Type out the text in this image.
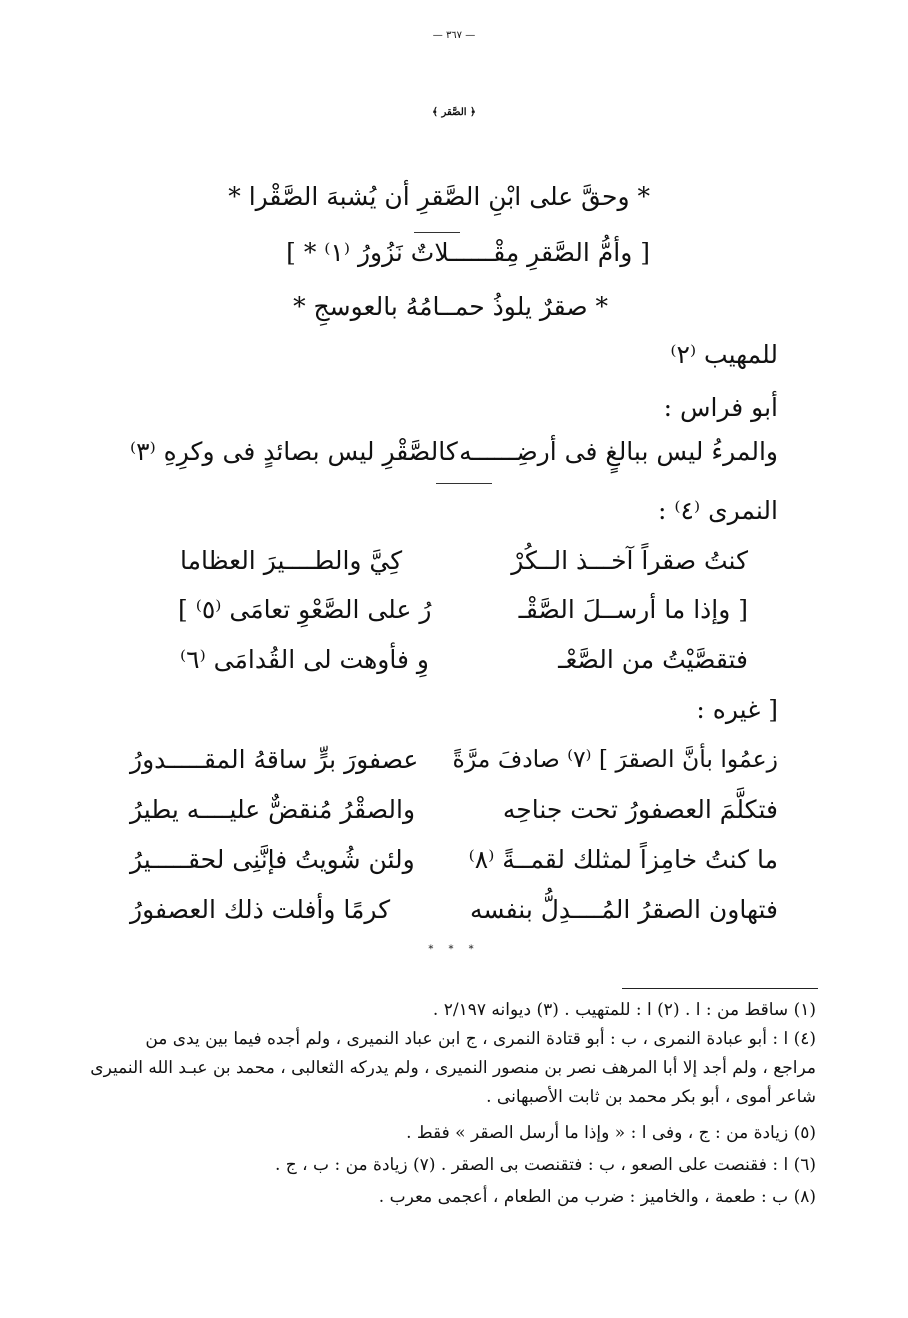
— ٣٦٧ —
﴿ الصَّقر ﴾
* وحقَّ على ابْنِ الصَّقرِ أن يُشبهَ الصَّقْرا *
[ وأمُّ الصَّقرِ مِقْــــــلاتٌ نَزُورُ ⁽١⁾ * ]
* صقرٌ يلوذُ حمــامُهُ بالعوسجِ *
للمهيب ⁽٢⁾
أبو فراس :
والمرءُ ليس ببالغٍ فى أرضِــــــه
كالصَّقْرِ ليس بصائدٍ فى وكرِهِ ⁽٣⁾
النمرى ⁽٤⁾ :
كنتُ صقراً آخـــذ الــكُرْ
كِيَّ والطــــيرَ العظاما
[ وإذا ما أرســلَ الصَّقْـ
رُ على الصَّعْوِ تعامَى ⁽٥⁾ ]
فتقصَّيْتُ من الصَّعْـ
وِ فأوهت لى القُدامَى ⁽٦⁾
[ غيره :
زعمُوا بأنَّ الصقرَ ] ⁽٧⁾ صادفَ مرَّةً
عصفورَ برٍّ ساقهُ المقـــــدورُ
فتكلَّمَ العصفورُ تحت جناحِه
والصقْرُ مُنقضٌّ عليــــه يطيرُ
ما كنتُ خامِزاً لمثلك لقمــةً ⁽٨⁾
ولئن شُويتُ فإنَّنِى لحقـــــيرُ
فتهاون الصقرُ المُــــدِلُّ بنفسه
كرمًا وأفلت ذلك العصفورُ
* * *
(١) ساقط من : ا . (٢) ا : للمتهيب . (٣) ديوانه ٢/١٩٧ .
(٤) ا : أبو عبادة النمرى ، ب : أبو قتادة النمرى ، ج ابن عباد النميرى ، ولم أجده فيما بين يدى من
مراجع ، ولم أجد إلا أبا المرهف نصر بن منصور النميرى ، ولم يدركه الثعالبى ، محمد بن عبـد الله النميرى
شاعر أموى ، أبو بكر محمد بن ثابت الأصبهانى .
(٥) زيادة من : ج ، وفى ا : « وإذا ما أرسل الصقر » فقط .
(٦) ا : فقنصت على الصعو ، ب : فتقنصت بى الصقر . (٧) زيادة من : ب ، ج .
(٨) ب : طعمة ، والخاميز : ضرب من الطعام ، أعجمى معرب .
